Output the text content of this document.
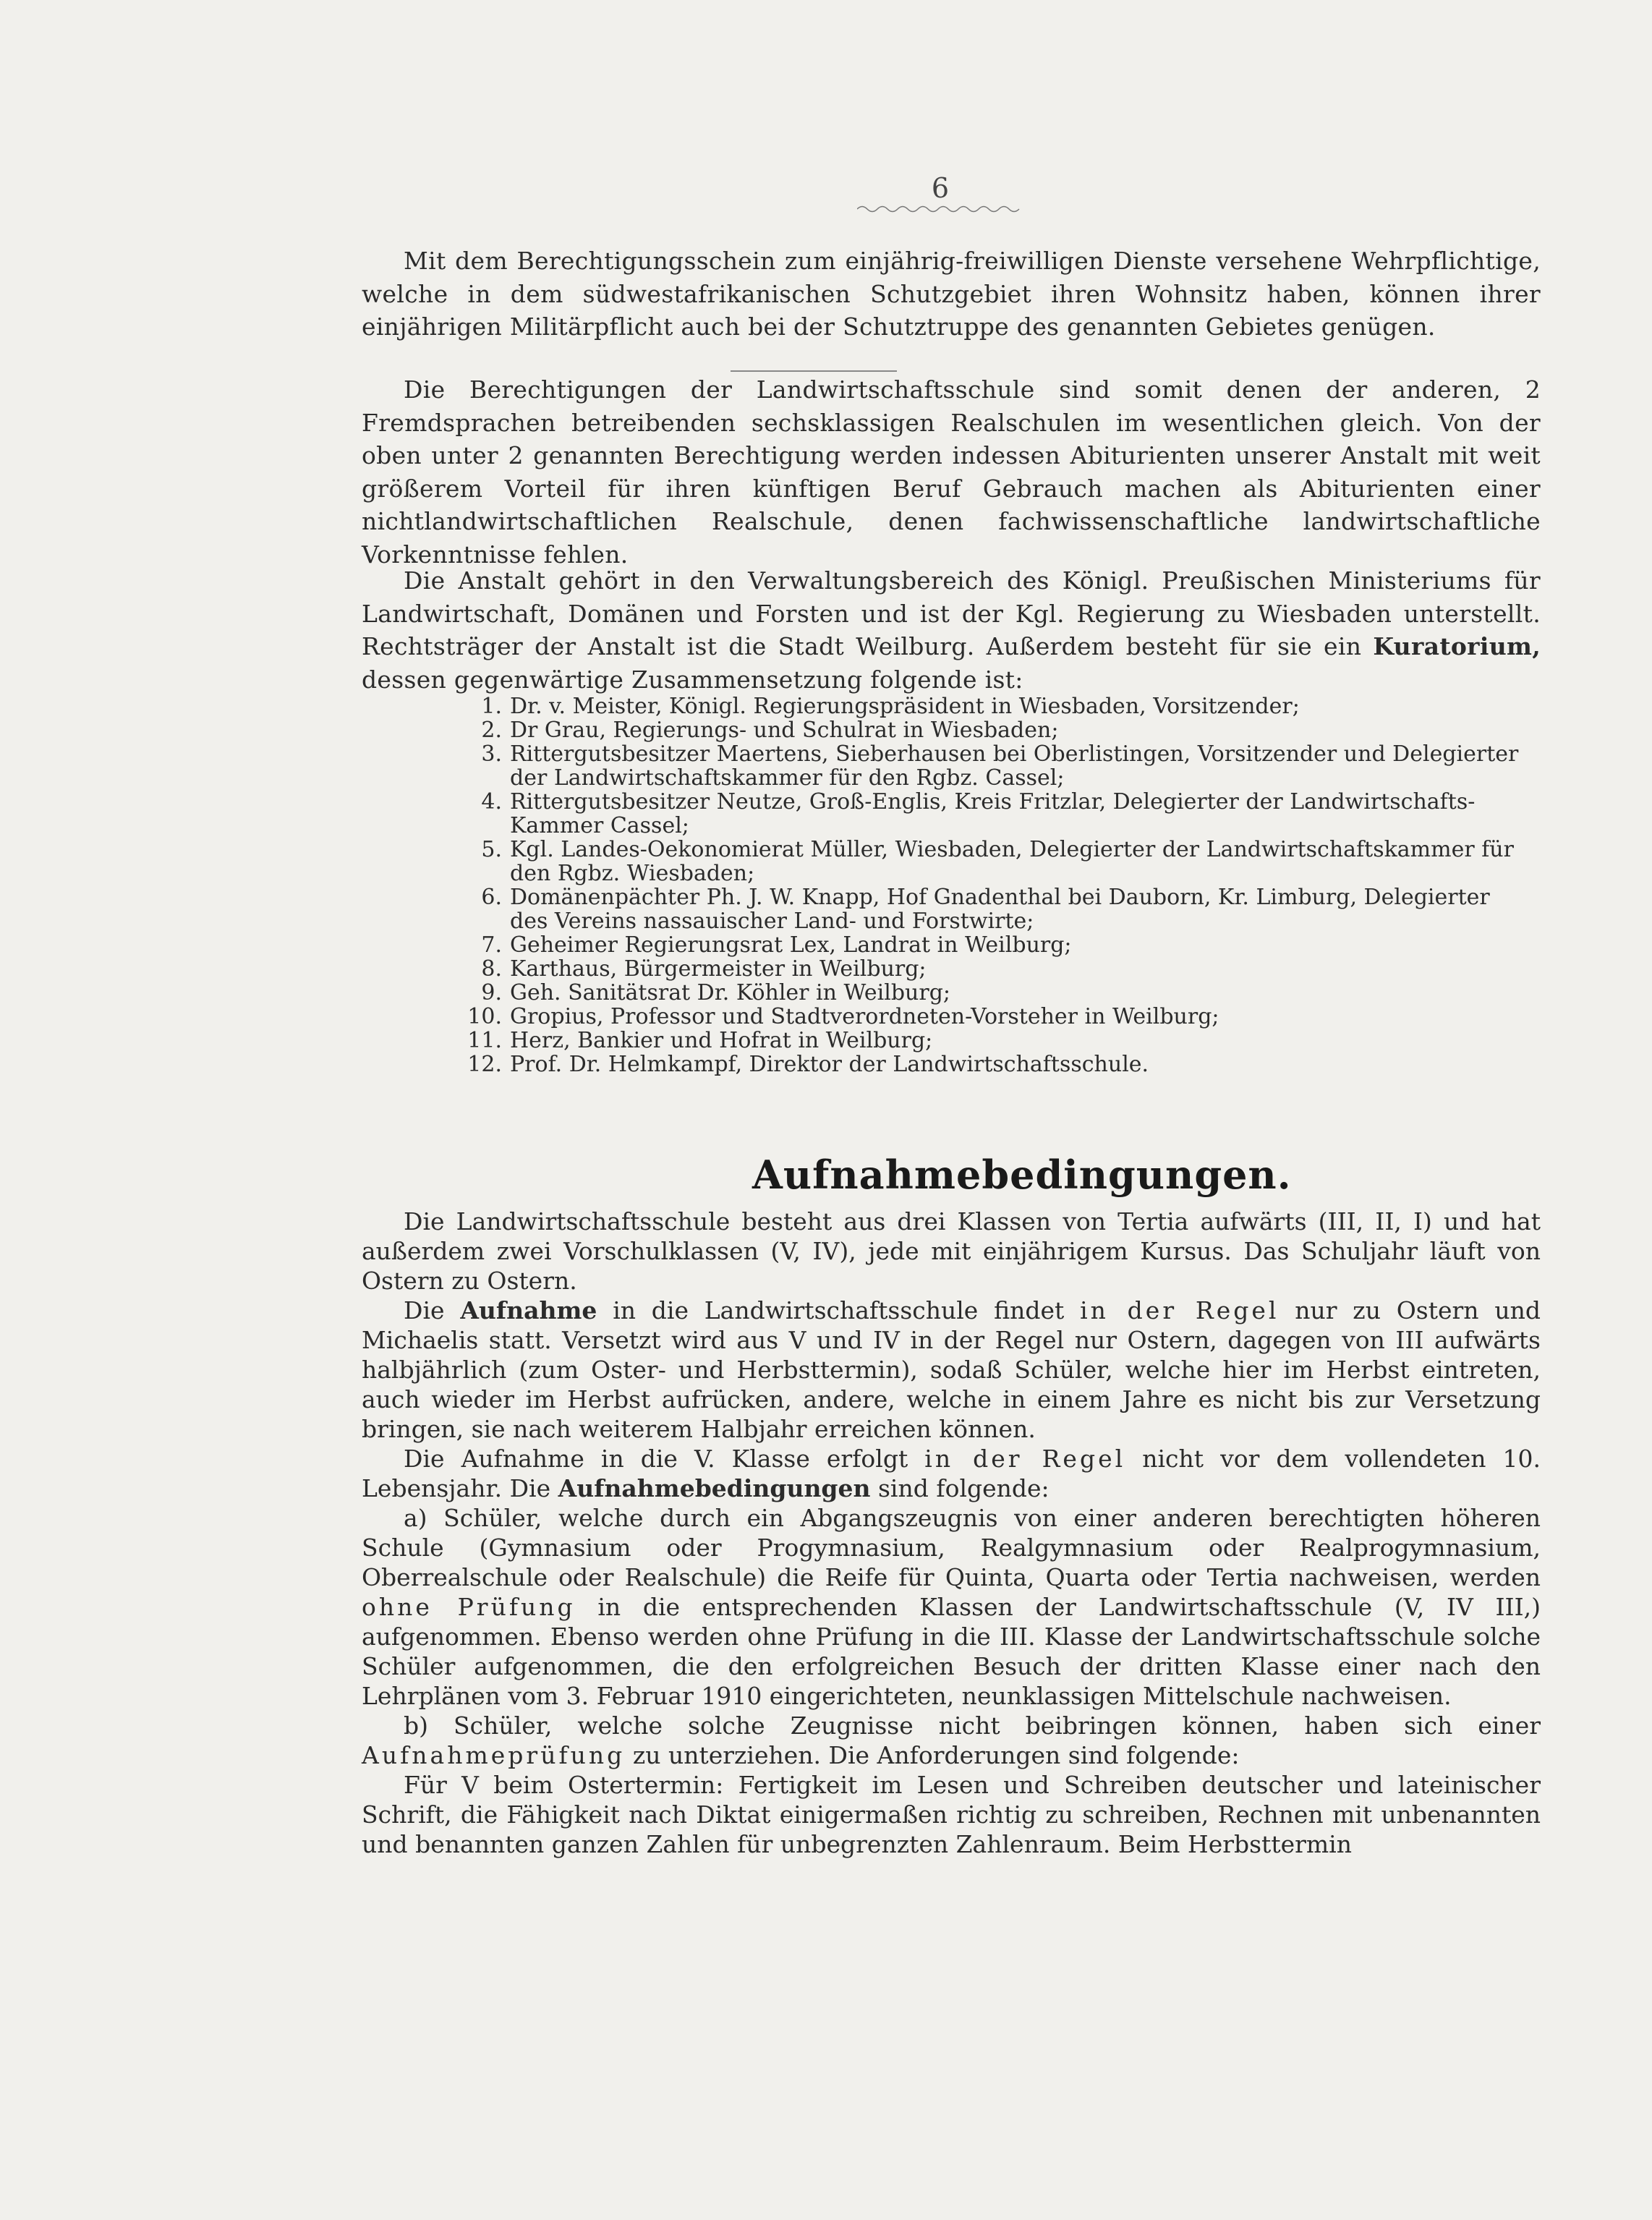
6

Mit dem Berechtigungsschein zum einjährig-freiwilligen Dienste versehene Wehrpflichtige, welche in dem südwestafrikanischen Schutzgebiet ihren Wohnsitz haben, können ihrer einjährigen Militärpflicht auch bei der Schutztruppe des genannten Gebietes genügen.

Die Berechtigungen der Landwirtschaftsschule sind somit denen der anderen, 2 Fremdsprachen betreibenden sechsklassigen Realschulen im wesentlichen gleich. Von der oben unter 2 genannten Berechtigung werden indessen Abiturienten unserer Anstalt mit weit größerem Vorteil für ihren künftigen Beruf Gebrauch machen als Abiturienten einer nichtlandwirtschaftlichen Realschule, denen fachwissenschaftliche landwirtschaftliche Vorkenntnisse fehlen.

Die Anstalt gehört in den Verwaltungsbereich des Königl. Preußischen Ministeriums für Landwirtschaft, Domänen und Forsten und ist der Kgl. Regierung zu Wiesbaden unterstellt. Rechtsträger der Anstalt ist die Stadt Weilburg. Außerdem besteht für sie ein Kuratorium, dessen gegenwärtige Zusammensetzung folgende ist:

1. Dr. v. Meister, Königl. Regierungspräsident in Wiesbaden, Vorsitzender;
2. Dr Grau, Regierungs- und Schulrat in Wiesbaden;
3. Rittergutsbesitzer Maertens, Sieberhausen bei Oberlistingen, Vorsitzender und Delegierter der Landwirtschaftskammer für den Rgbz. Cassel;
4. Rittergutsbesitzer Neutze, Groß-Englis, Kreis Fritzlar, Delegierter der Landwirtschafts-Kammer Cassel;
5. Kgl. Landes-Oekonomierat Müller, Wiesbaden, Delegierter der Landwirtschaftskammer für den Rgbz. Wiesbaden;
6. Domänenpächter Ph. J. W. Knapp, Hof Gnadenthal bei Dauborn, Kr. Limburg, Delegierter des Vereins nassauischer Land- und Forstwirte;
7. Geheimer Regierungsrat Lex, Landrat in Weilburg;
8. Karthaus, Bürgermeister in Weilburg;
9. Geh. Sanitätsrat Dr. Köhler in Weilburg;
10. Gropius, Professor und Stadtverordneten-Vorsteher in Weilburg;
11. Herz, Bankier und Hofrat in Weilburg;
12. Prof. Dr. Helmkampf, Direktor der Landwirtschaftsschule.
Aufnahmebedingungen.

Die Landwirtschaftsschule besteht aus drei Klassen von Tertia aufwärts (III, II, I) und hat außerdem zwei Vorschulklassen (V, IV), jede mit einjährigem Kursus. Das Schuljahr läuft von Ostern zu Ostern.

Die Aufnahme in die Landwirtschaftsschule findet in der Regel nur zu Ostern und Michaelis statt. Versetzt wird aus V und IV in der Regel nur Ostern, dagegen von III aufwärts halbjährlich (zum Oster- und Herbsttermin), sodaß Schüler, welche hier im Herbst eintreten, auch wieder im Herbst aufrücken, andere, welche in einem Jahre es nicht bis zur Versetzung bringen, sie nach weiterem Halbjahr erreichen können.

Die Aufnahme in die V. Klasse erfolgt in der Regel nicht vor dem vollendeten 10. Lebensjahr. Die Aufnahmebedingungen sind folgende:

a) Schüler, welche durch ein Abgangszeugnis von einer anderen berechtigten höheren Schule (Gymnasium oder Progymnasium, Realgymnasium oder Realprogymnasium, Oberrealschule oder Realschule) die Reife für Quinta, Quarta oder Tertia nachweisen, werden ohne Prüfung in die entsprechenden Klassen der Landwirtschaftsschule (V, IV III,) aufgenommen. Ebenso werden ohne Prüfung in die III. Klasse der Landwirtschaftsschule solche Schüler aufgenommen, die den erfolgreichen Besuch der dritten Klasse einer nach den Lehrplänen vom 3. Februar 1910 eingerichteten, neunklassigen Mittelschule nachweisen.

b) Schüler, welche solche Zeugnisse nicht beibringen können, haben sich einer Aufnahmeprüfung zu unterziehen. Die Anforderungen sind folgende:

Für V beim Ostertermin: Fertigkeit im Lesen und Schreiben deutscher und lateinischer Schrift, die Fähigkeit nach Diktat einigermaßen richtig zu schreiben, Rechnen mit unbenannten und benannten ganzen Zahlen für unbegrenzten Zahlenraum. Beim Herbsttermin
